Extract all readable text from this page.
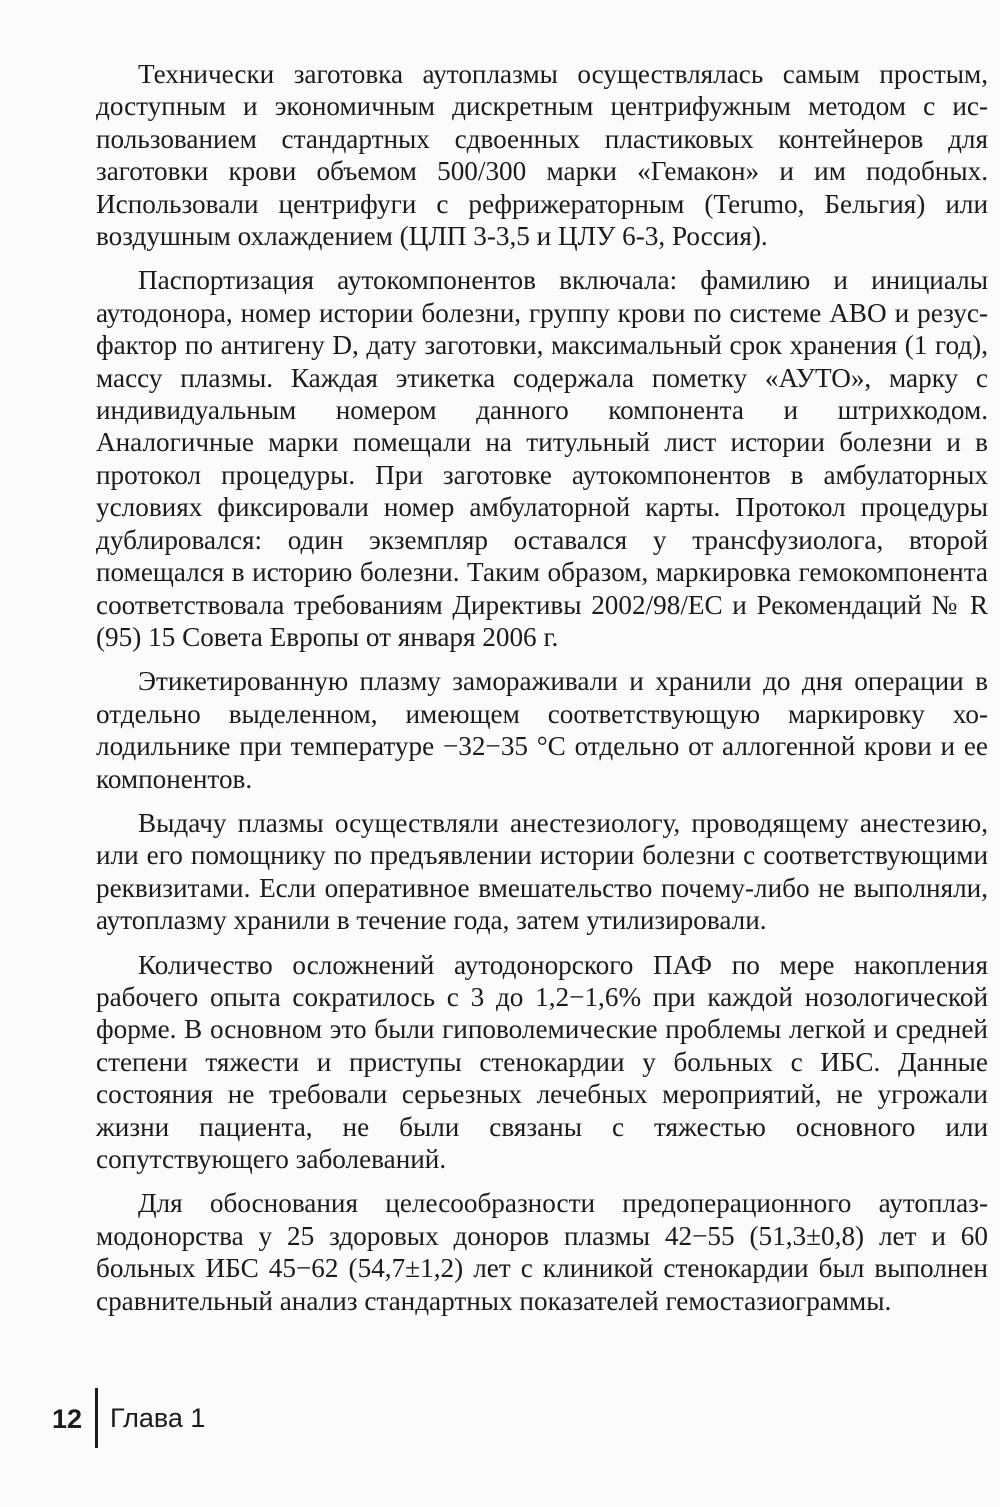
Технически заготовка аутоплазмы осуществлялась самым простым, доступным и экономичным дискретным центрифужным методом с использованием стандартных сдвоенных пластиковых контейнеров для заготовки крови объемом 500/300 марки «Гемакон» и им подобных. Использовали центрифуги с рефрижераторным (Terumo, Бельгия) или воздушным охлаждением (ЦЛП 3-3,5 и ЦЛУ 6-3, Россия).

Паспортизация аутокомпонентов включала: фамилию и инициалы аутодонора, номер истории болезни, группу крови по системе АВО и резус-фактор по антигену D, дату заготовки, максимальный срок хранения (1 год), массу плазмы. Каждая этикетка содержала пометку «АУТО», марку с индивидуальным номером данного компонента и штрихкодом. Аналогичные марки помещали на титульный лист истории болезни и в протокол процедуры. При заготовке аутокомпонентов в амбулаторных условиях фиксировали номер амбулаторной карты. Протокол процедуры дублировался: один экземпляр оставался у трансфузиолога, второй помещался в историю болезни. Таким образом, маркировка гемокомпонента соответствовала требованиям Директивы 2002/98/ЕС и Рекомендаций № R (95) 15 Совета Европы от января 2006 г.

Этикетированную плазму замораживали и хранили до дня операции в отдельно выделенном, имеющем соответствующую маркировку холодильнике при температуре −32−35 °С отдельно от аллогенной крови и ее компонентов.

Выдачу плазмы осуществляли анестезиологу, проводящему анестезию, или его помощнику по предъявлении истории болезни с соответствующими реквизитами. Если оперативное вмешательство почему-либо не выполняли, аутоплазму хранили в течение года, затем утилизировали.

Количество осложнений аутодонорского ПАФ по мере накопления рабочего опыта сократилось с 3 до 1,2−1,6% при каждой нозологической форме. В основном это были гиповолемические проблемы легкой и средней степени тяжести и приступы стенокардии у больных с ИБС. Данные состояния не требовали серьезных лечебных мероприятий, не угрожали жизни пациента, не были связаны с тяжестью основного или сопутствующего заболеваний.

Для обоснования целесообразности предоперационного аутоплазмодонорства у 25 здоровых доноров плазмы 42−55 (51,3±0,8) лет и 60 больных ИБС 45−62 (54,7±1,2) лет с клиникой стенокардии был выполнен сравнительный анализ стандартных показателей гемостазиограммы.

12 Глава 1
